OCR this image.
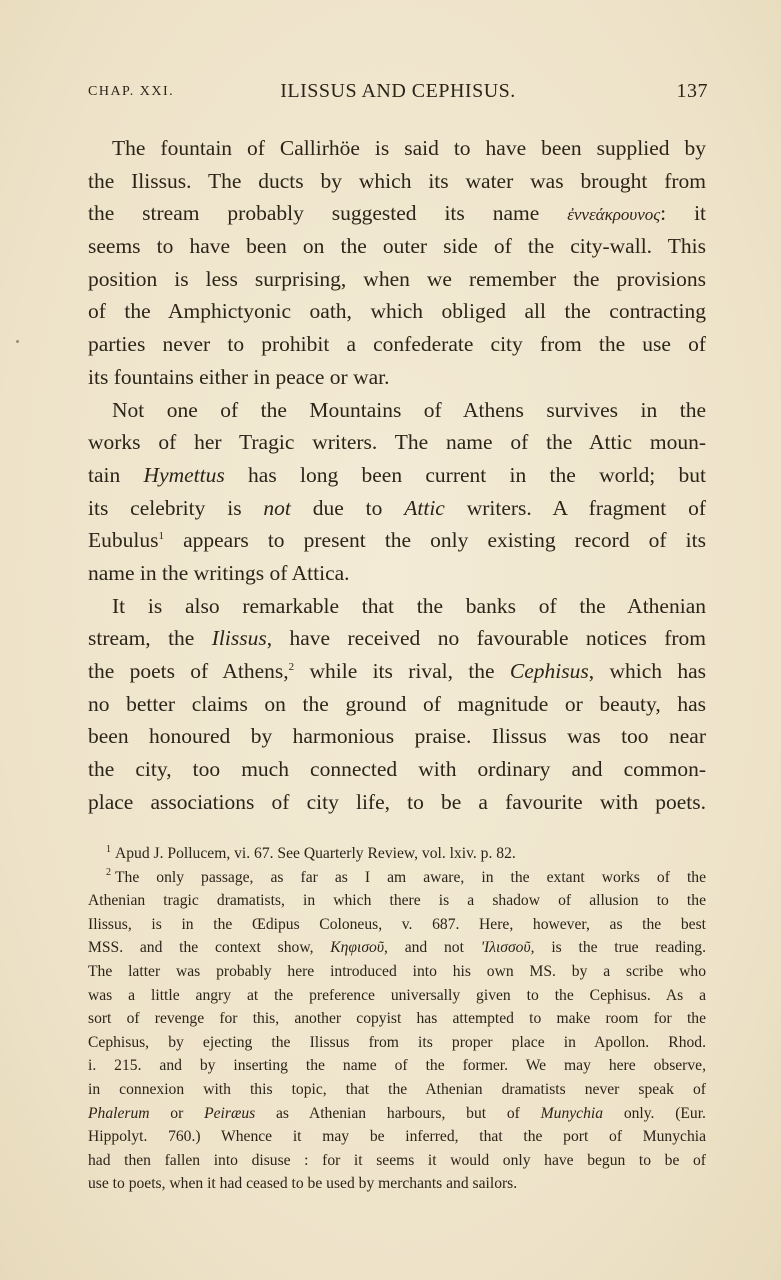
CHAP. XXI.	ILISSUS AND CEPHISUS.	137
The fountain of Callirhöe is said to have been supplied by
the Ilissus. The ducts by which its water was brought from
the stream probably suggested its name ἐννεάκρουνος: it
seems to have been on the outer side of the city-wall. This
position is less surprising, when we remember the provisions
of the Amphictyonic oath, which obliged all the contracting
parties never to prohibit a confederate city from the use of
its fountains either in peace or war.
Not one of the Mountains of Athens survives in the
works of her Tragic writers. The name of the Attic moun-
tain Hymettus has long been current in the world; but
its celebrity is not due to Attic writers. A fragment of
Eubulus$^1$ appears to present the only existing record of its
name in the writings of Attica.
It is also remarkable that the banks of the Athenian
stream, the Ilissus, have received no favourable notices from
the poets of Athens,$^2$ while its rival, the Cephisus, which has
no better claims on the ground of magnitude or beauty, has
been honoured by harmonious praise. Ilissus was too near
the city, too much connected with ordinary and common-
place associations of city life, to be a favourite with poets.
$^1$ Apud J. Pollucem, vi. 67. See Quarterly Review, vol. lxiv. p. 82.
$^2$ The only passage, as far as I am aware, in the extant works of the
Athenian tragic dramatists, in which there is a shadow of allusion to the
Ilissus, is in the Œdipus Coloneus, v. 687. Here, however, as the best
MSS. and the context show, Κηφισοῦ, and not 'Ιλισσοῦ, is the true reading.
The latter was probably here introduced into his own MS. by a scribe who
was a little angry at the preference universally given to the Cephisus. As a
sort of revenge for this, another copyist has attempted to make room for the
Cephisus, by ejecting the Ilissus from its proper place in Apollon. Rhod.
i. 215. and by inserting the name of the former. We may here observe,
in connexion with this topic, that the Athenian dramatists never speak of
Phalerum or Peiræus as Athenian harbours, but of Munychia only. (Eur.
Hippolyt. 760.) Whence it may be inferred, that the port of Munychia
had then fallen into disuse : for it seems it would only have begun to be of
use to poets, when it had ceased to be used by merchants and sailors.
